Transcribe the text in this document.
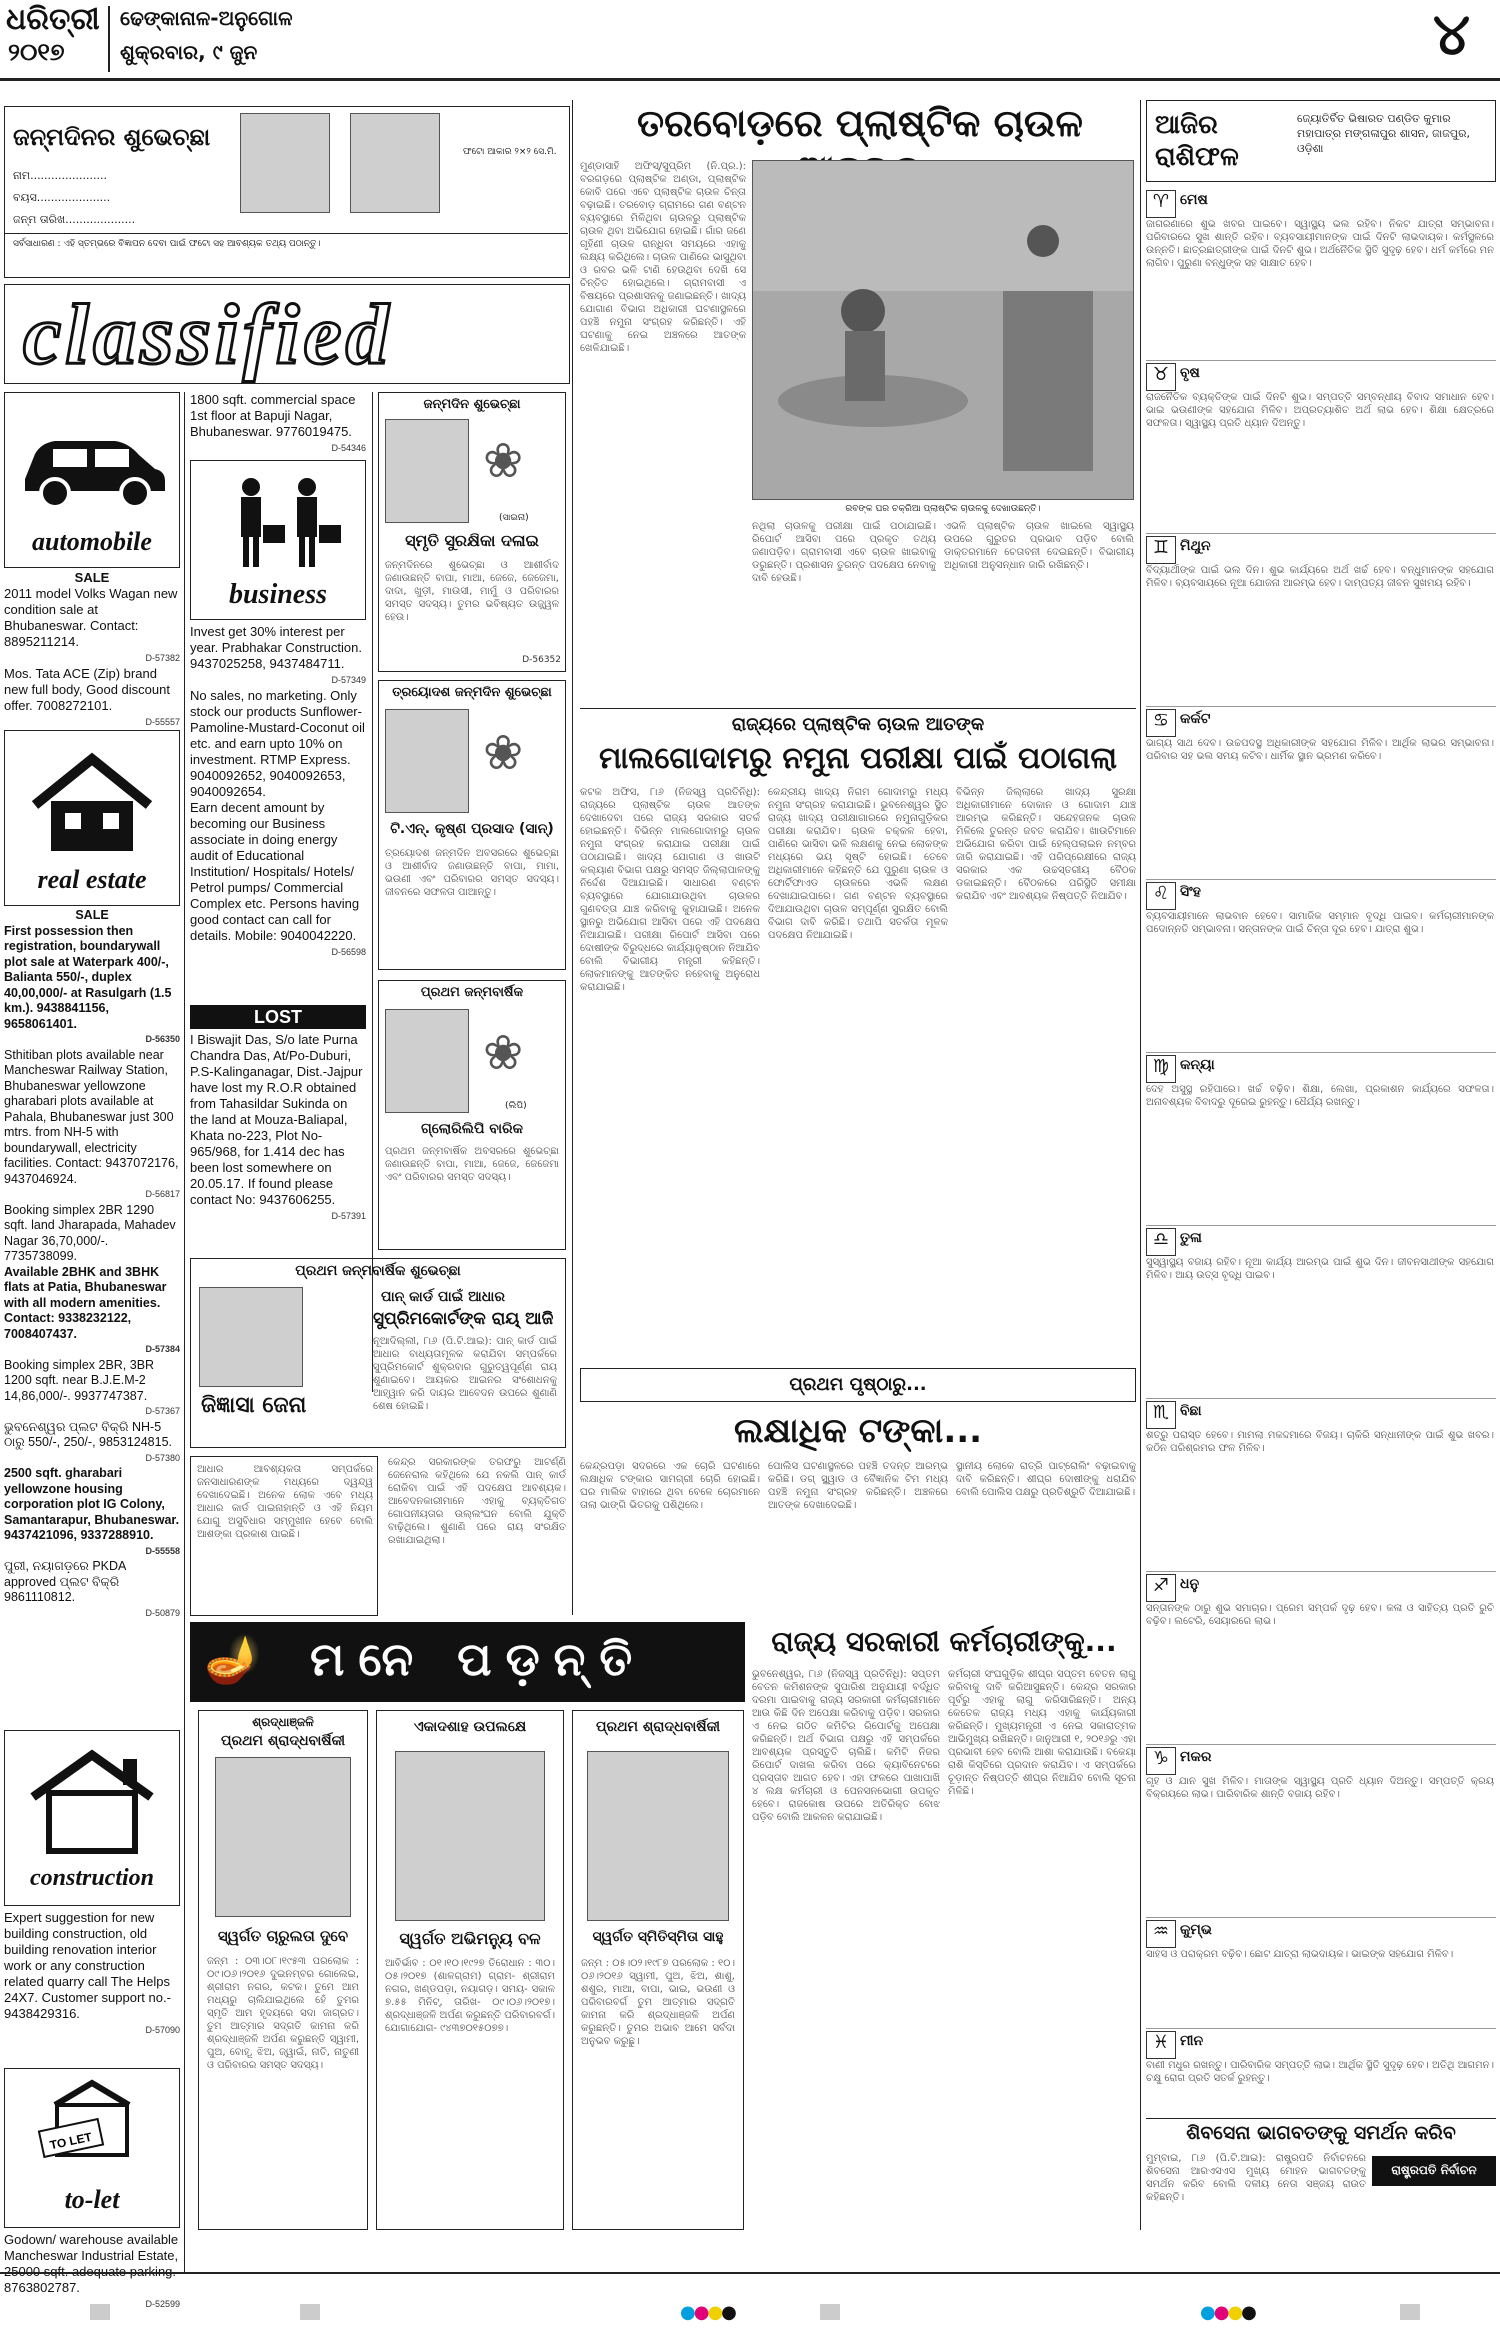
ଧରିତ୍ରୀ
୨୦୧୭
ଢେଙ୍କାନାଳ-ଅନୁଗୋଳ
ଶୁକ୍ରବାର, ୯ ଜୁନ	୪
ଜନ୍ମଦିନର ଶୁଭେଚ୍ଛା
ନାମ......................
ବୟସ.....................
ଜନ୍ମ ତାରିଖ....................
ଫଟୋ ଆକାର ୨×୨ ସେ.ମି.
ସର୍ବସାଧାରଣ : ଏହି ସ୍ତମ୍ଭରେ ବିଜ୍ଞାପନ ଦେବା ପାଇଁ ଫଟୋ ସହ ଆବଶ୍ୟକ ତଥ୍ୟ ପଠାନ୍ତୁ।
classified
automobile
SALE
2011 model Volks Wagan new condition sale at Bhubaneswar. Contact: 8895211214.
D-57382
Mos. Tata ACE (Zip) brand new full body, Good discount offer. 7008272101.
D-55557
real estate
SALE
First possession then registration, boundarywall plot sale at Waterpark 400/-, Balianta 550/-, duplex 40,00,000/- at Rasulgarh (1.5 km.). 9438841156, 9658061401.
D-56350
Sthitiban plots available near Mancheswar Railway Station, Bhubaneswar yellowzone gharabari plots available at Pahala, Bhubaneswar just 300 mtrs. from NH-5 with boundarywall, electricity facilities. Contact: 9437072176, 9437046924.
D-56817
Booking simplex 2BR 1290 sqft. land Jharapada, Mahadev Nagar 36,70,000/-. 7735738099.
Available 2BHK and 3BHK flats at Patia, Bhubaneswar with all modern amenities. Contact: 9338232122, 7008407437.
D-57384
Booking simplex 2BR, 3BR 1200 sqft. near B.J.E.M-2 14,86,000/-. 9937747387.
D-57367
ଭୁବନେଶ୍ୱର ପ୍ଲଟ ବିକ୍ରି NH-5 ଠାରୁ 550/-, 250/-, 9853124815.
D-57380
2500 sqft. gharabari yellowzone housing corporation plot IG Colony, Samantarapur, Bhubaneswar. 9437421096, 9337288910.
D-55558
ପୁରୀ, ନୟାଗଡ଼ରେ PKDA approved ପ୍ଲଟ ବିକ୍ରି 9861110812.
D-50879
construction
Expert suggestion for new building construction, old building renovation interior work or any construction related quarry call The Helps 24X7. Customer support no.- 9438429316.
D-57090
TO LET
to-let
Godown/ warehouse available Mancheswar Industrial Estate, 8763802787.
D-52599
1800 sqft. commercial space 1st floor at Bapuji Nagar, Bhubaneswar. 9776019475.
D-54346
business
Invest get 30% interest per year. Prabhakar Construction. 9437025258, 9437484711.
D-57349
No sales, no marketing. Only stock our products Sunflower-Pamoline-Mustard-Coconut oil etc. and earn upto 10% on investment. RTMP Express. 9040092652, 9040092653, 9040092654.
Earn decent amount by becoming our Business associate in doing energy audit of Educational Institution/ Hospitals/ Hotels/ Petrol pumps/ Commercial Complex etc. Persons having good contact can call for details. Mobile: 9040042220.
D-56598
LOST
I Biswajit Das, S/o late Purna Chandra Das, At/Po-Duburi, P.S-Kalinganagar, Dist.-Jajpur have lost my R.O.R obtained from Tahasildar Sukinda on the land at Mouza-Baliapal, Khata no-223, Plot No-965/968, for 1.414 dec has been lost somewhere on 20.05.17. If found please contact No: 9437606255.
D-57391
ଜନ୍ମଦିନ ଶୁଭେଚ୍ଛା
❀
(ସାଇନା)
ସ୍ମୃତି ସୁରକ୍ଷିକା ଦଳାଇ
ଜନ୍ମଦିନରେ ଶୁଭେଚ୍ଛା ଓ ଆଶୀର୍ବାଦ ଜଣାଉଛନ୍ତି ବାପା, ମାଆ, ଜେଜେ, ଜେଜେମା, ଦାଦା, ଖୁଡ଼ୀ, ମାଉସୀ, ମାମୁଁ ଓ ପରିବାରର ସମସ୍ତ ସଦସ୍ୟ। ତୁମର ଭବିଷ୍ୟତ ଉଜ୍ଜ୍ୱଳ ହେଉ।
D-56352
ତ୍ରୟୋଦଶ ଜନ୍ମଦିନ ଶୁଭେଚ୍ଛା
❀
ଟି.ଏନ୍. କୃଷ୍ଣ ପ୍ରସାଦ (ସାନ୍)
ତ୍ରୟୋଦଶ ଜନ୍ମଦିନ ଅବସରରେ ଶୁଭେଚ୍ଛା ଓ ଆଶୀର୍ବାଦ ଜଣାଉଛନ୍ତି ବାପା, ମାମା, ଭଉଣୀ ଏବଂ ପରିବାରର ସମସ୍ତ ସଦସ୍ୟ। ଜୀବନରେ ସଫଳତା ପାଆନ୍ତୁ।
ପ୍ରଥମ ଜନ୍ମବାର୍ଷିକ
❀
(ଲିପି)
ଗ୍ଲୋରିଲିପି ବାରିକ
ପ୍ରଥମ ଜନ୍ମବାର୍ଷିକ ଅବସରରେ ଶୁଭେଚ୍ଛା ଜଣାଉଛନ୍ତି ବାପା, ମାଆ, ଜେଜେ, ଜେଜେମା ଏବଂ ପରିବାରର ସମସ୍ତ ସଦସ୍ୟ।
ପ୍ରଥମ ଜନ୍ମବାର୍ଷିକ ଶୁଭେଚ୍ଛା
ଜିଜ୍ଞାସା ଜେନା
ପାନ୍ କାର୍ଡ ପାଇଁ ଆଧାର
ସୁପ୍ରିମକୋର୍ଟଙ୍କ ରାୟ୍ ଆଜି
ନୂଆଦିଲ୍ଲୀ, ୮ା୬ (ପି.ଟି.ଆଇ): ପାନ୍ କାର୍ଡ ପାଇଁ ଆଧାର ବାଧ୍ୟତାମୂଳକ କରାଯିବା ସମ୍ପର୍କରେ ସୁପ୍ରିମକୋର୍ଟ ଶୁକ୍ରବାର ଗୁରୁତ୍ୱପୂର୍ଣ୍ଣ ରାୟ ଶୁଣାଇବେ। ଆୟକର ଆଇନର ସଂଶୋଧନକୁ ଆହ୍ୱାନ କରି ଦାୟର ଆବେଦନ ଉପରେ ଶୁଣାଣି ଶେଷ ହୋଇଛି।
ଆଧାର ଆବଶ୍ୟକତା ସମ୍ପର୍କରେ ଜନସାଧାରଣଙ୍କ ମଧ୍ୟରେ ଦ୍ୱନ୍ଦ୍ୱ ଦେଖାଦେଇଛି। ଅନେକ ଲୋକ ଏବେ ମଧ୍ୟ ଆଧାର କାର୍ଡ ପାଇନାହାନ୍ତି ଓ ଏହି ନିୟମ ଯୋଗୁ ଅସୁବିଧାର ସମ୍ମୁଖୀନ ହେବେ ବୋଲି ଆଶଙ୍କା ପ୍ରକାଶ ପାଇଛି।
କେନ୍ଦ୍ର ସରକାରଙ୍କ ତରଫରୁ ଆଟର୍ଣ୍ଣି ଜେନେରାଲ କହିଥିଲେ ଯେ ନକଲି ପାନ୍ କାର୍ଡ ରୋକିବା ପାଇଁ ଏହି ପଦକ୍ଷେପ ଆବଶ୍ୟକ। ଆବେଦନକାରୀମାନେ ଏହାକୁ ବ୍ୟକ୍ତିଗତ ଗୋପନୀୟତାର ଉଲ୍ଲଂଘନ ବୋଲି ଯୁକ୍ତି ବାଢ଼ିଥିଲେ। ଶୁଣାଣି ପରେ ରାୟ ସଂରକ୍ଷିତ ରଖାଯାଇଥିଲା।
🪔 ମନେ ପଡ଼ନ୍ତି
ଶ୍ରଦ୍ଧାଞ୍ଜଳି
ପ୍ରଥମ ଶ୍ରାଦ୍ଧବାର୍ଷିକୀ
ସ୍ୱର୍ଗତ ଚାରୁଲତା ଦୁବେ
ଜନ୍ମ : ୦୩।୦୮।୧୯୫୩ ପରଲୋକ : ୦୯।୦୬।୨୦୧୬ ଦୁଇନମ୍ବର ଗୋଲେଇ, ଶ୍ରୀରାମ ନଗର, କଟକ। ତୁମେ ଆମ ମଧ୍ୟରୁ ଚାଲିଯାଇଥିଲେ ହେଁ ତୁମର ସ୍ମୃତି ଆମ ହୃଦୟରେ ସଦା ଜାଗ୍ରତ। ତୁମ ଆତ୍ମାର ସଦ୍ଗତି କାମନା କରି ଶ୍ରଦ୍ଧାଞ୍ଜଳି ଅର୍ପଣ କରୁଛନ୍ତି ସ୍ୱାମୀ, ପୁଅ, ବୋହୂ, ଝିଅ, ଜ୍ୱାଇଁ, ନାତି, ନାତୁଣୀ ଓ ପରିବାରର ସମସ୍ତ ସଦସ୍ୟ।
ଏକାଦଶାହ ଉପଲକ୍ଷେ
ସ୍ୱର୍ଗତ ଅଭିମନ୍ୟୁ ବଳ
ଆବିର୍ଭାବ : ୦୧।୧୦।୧୯୨୭ ତିରୋଧାନ : ୩୦।୦୫।୨୦୧୭ (ଶାଳଗ୍ରାମ) ଗ୍ରାମ- ଶ୍ରୀରାମ ନଗର, ଖଣ୍ଡପଡ଼ା, ନୟାଗଡ଼। ସମୟ- ସକାଳ ୭.୫୫ ମିନିଟ୍, ତାରିଖ- ୦୯।୦୬।୨୦୧୭। ଶ୍ରଦ୍ଧାଞ୍ଜଳି ଅର୍ପଣ କରୁଛନ୍ତି ପରିବାରବର୍ଗ। ଯୋଗାଯୋଗ- ୯୪୩୭୦୧୫୦୭୭।
ପ୍ରଥମ ଶ୍ରାଦ୍ଧବାର୍ଷିକୀ
ସ୍ୱର୍ଗତ ସ୍ମିତିସ୍ମିତା ସାହୁ
ଜନ୍ମ : ୦୫।୦୨।୧୯୮୭ ପରଲୋକ : ୧୦।୦୬।୨୦୧୬ ସ୍ୱାମୀ, ପୁଅ, ଝିଅ, ଶାଶୁ, ଶଶୁର, ମାଆ, ବାପା, ଭାଇ, ଭଉଣୀ ଓ ପରିବାରବର୍ଗ ତୁମ ଆତ୍ମାର ସଦ୍ଗତି କାମନା କରି ଶ୍ରଦ୍ଧାଞ୍ଜଳି ଅର୍ପଣ କରୁଛନ୍ତି। ତୁମର ଅଭାବ ଆମେ ସର୍ବଦା ଅନୁଭବ କରୁଛୁ।
ତରବୋଡ଼ରେ ପ୍ଲାଷ୍ଟିକ ଚାଉଳ
ମୁଣ୍ଡାସାହି ଅଫିସ୍/ସୁପ୍ରିମ (ନି.ପ୍ର.): ବରଗଡ଼ରେ ପ୍ଲାଷ୍ଟିକ ଅଣ୍ଡା, ପ୍ଲାଷ୍ଟିକ କୋବି ପରେ ଏବେ ପ୍ଲାଷ୍ଟିକ ଚାଉଳ ଚିନ୍ତା ବଢ଼ାଇଛି। ତରବୋଡ଼ ଗ୍ରାମରେ ଗଣ ବଣ୍ଟନ ବ୍ୟବସ୍ଥାରେ ମିଳିଥିବା ଚାଉଳରୁ ପ୍ଲାଷ୍ଟିକ ଚାଉଳ ଥିବା ଅଭିଯୋଗ ହୋଇଛି। ଗାଁର ଜଣେ ଗୃହିଣୀ ଚାଉଳ ରାନ୍ଧିବା ସମୟରେ ଏହାକୁ ଲକ୍ଷ୍ୟ କରିଥିଲେ। ଚାଉଳ ପାଣିରେ ଭାସୁଥିବା ଓ ରବର ଭଳି ଟାଣି ହେଉଥିବା ଦେଖି ସେ ଚିନ୍ତିତ ହୋଇଥିଲେ। ଗ୍ରାମବାସୀ ଏ ବିଷୟରେ ପ୍ରଶାସନକୁ ଜଣାଇଛନ୍ତି। ଖାଦ୍ୟ ଯୋଗାଣ ବିଭାଗ ଅଧିକାରୀ ଘଟଣାସ୍ଥଳରେ ପହଞ୍ଚି ନମୁନା ସଂଗ୍ରହ କରିଛନ୍ତି। ଏହି ଘଟଣାକୁ ନେଇ ଅଞ୍ଚଳରେ ଆତଙ୍କ ଖେଳିଯାଇଛି।
ରବଙ୍କ ଘର ଚକ୍ରିଆ ପ୍ଲାଷ୍ଟିକ ଚାଉଳକୁ ଦେଖାଉଛନ୍ତି।
ନଥିଲା ଚାଉଳକୁ ପରୀକ୍ଷା ପାଇଁ ପଠାଯାଇଛି। ରିପୋର୍ଟ ଆସିବା ପରେ ପ୍ରକୃତ ତଥ୍ୟ ଜଣାପଡ଼ିବ। ଗ୍ରାମବାସୀ ଏବେ ଚାଉଳ ଖାଇବାକୁ ଡରୁଛନ୍ତି। ପ୍ରଶାସନ ତୁରନ୍ତ ପଦକ୍ଷେପ ନେବାକୁ ଦାବି ହେଉଛି।
ଏଭଳି ପ୍ଲାଷ୍ଟିକ ଚାଉଳ ଖାଇଲେ ସ୍ୱାସ୍ଥ୍ୟ ଉପରେ ଗୁରୁତର ପ୍ରଭାବ ପଡ଼ିବ ବୋଲି ଡାକ୍ତରମାନେ ଚେତାବନୀ ଦେଇଛନ୍ତି। ବିଭାଗୀୟ ଅଧିକାରୀ ଅନୁସନ୍ଧାନ ଜାରି ରଖିଛନ୍ତି।
ରାଜ୍ୟରେ ପ୍ଲାଷ୍ଟିକ ଚାଉଳ ଆତଙ୍କ
ମାଲଗୋଦାମରୁ ନମୁନା ପରୀକ୍ଷା ପାଇଁ ପଠାଗଲା
କଟକ ଅଫିସ, ୮ା୬ (ନିଜସ୍ୱ ପ୍ରତିନିଧି): ରାଜ୍ୟରେ ପ୍ଲାଷ୍ଟିକ ଚାଉଳ ଆତଙ୍କ ଦେଖାଦେବା ପରେ ରାଜ୍ୟ ସରକାର ସତର୍କ ହୋଇଛନ୍ତି। ବିଭିନ୍ନ ମାଲଗୋଦାମରୁ ଚାଉଳ ନମୁନା ସଂଗ୍ରହ କରାଯାଇ ପରୀକ୍ଷା ପାଇଁ ପଠାଯାଇଛି। ଖାଦ୍ୟ ଯୋଗାଣ ଓ ଖାଉଟି କଲ୍ୟାଣ ବିଭାଗ ପକ୍ଷରୁ ସମସ୍ତ ଜିଲ୍ଲାପାଳଙ୍କୁ ନିର୍ଦ୍ଦେଶ ଦିଆଯାଇଛି। ସାଧାରଣ ବଣ୍ଟନ ବ୍ୟବସ୍ଥାରେ ଯୋଗାଯାଉଥିବା ଚାଉଳର ଗୁଣବତ୍ତା ଯାଞ୍ଚ କରିବାକୁ କୁହାଯାଇଛି। ଅନେକ ସ୍ଥାନରୁ ଅଭିଯୋଗ ଆସିବା ପରେ ଏହି ପଦକ୍ଷେପ ନିଆଯାଇଛି। ପରୀକ୍ଷା ରିପୋର୍ଟ ଆସିବା ପରେ ଦୋଷୀଙ୍କ ବିରୁଦ୍ଧରେ କାର୍ଯ୍ୟାନୁଷ୍ଠାନ ନିଆଯିବ ବୋଲି ବିଭାଗୀୟ ମନ୍ତ୍ରୀ କହିଛନ୍ତି। ଲୋକମାନଙ୍କୁ ଆତଙ୍କିତ ନହେବାକୁ ଅନୁରୋଧ କରାଯାଇଛି।
କେନ୍ଦ୍ରୀୟ ଖାଦ୍ୟ ନିଗମ ଗୋଦାମରୁ ମଧ୍ୟ ନମୁନା ସଂଗ୍ରହ କରାଯାଇଛି। ଭୁବନେଶ୍ୱର ସ୍ଥିତ ରାଜ୍ୟ ଖାଦ୍ୟ ପରୀକ୍ଷାଗାରରେ ନମୁନାଗୁଡ଼ିକର ପରୀକ୍ଷା କରାଯିବ। ଚାଉଳ ଚକ୍କଳ ହେବା, ପାଣିରେ ଭାସିବା ଭଳି ଲକ୍ଷଣକୁ ନେଇ ଲୋକଙ୍କ ମଧ୍ୟରେ ଭୟ ସୃଷ୍ଟି ହୋଇଛି। ତେବେ ଅଧିକାରୀମାନେ କହିଛନ୍ତି ଯେ ପୁରୁଣା ଚାଉଳ ଓ ଫୋର୍ଟିଫାଏଡ ଚାଉଳରେ ଏଭଳି ଲକ୍ଷଣ ଦେଖାଯାଇପାରେ। ଗଣ ବଣ୍ଟନ ବ୍ୟବସ୍ଥାରେ ଦିଆଯାଉଥିବା ଚାଉଳ ସମ୍ପୂର୍ଣ୍ଣ ସୁରକ୍ଷିତ ବୋଲି ବିଭାଗ ଦାବି କରିଛି। ତଥାପି ସତର୍କତା ମୂଳକ ପଦକ୍ଷେପ ନିଆଯାଇଛି।
ବିଭିନ୍ନ ଜିଲ୍ଲାରେ ଖାଦ୍ୟ ସୁରକ୍ଷା ଅଧିକାରୀମାନେ ଦୋକାନ ଓ ଗୋଦାମ ଯାଞ୍ଚ ଆରମ୍ଭ କରିଛନ୍ତି। ସନ୍ଦେହଜନକ ଚାଉଳ ମିଳିଲେ ତୁରନ୍ତ ଜବତ କରାଯିବ। ଖାଉଟିମାନେ ଅଭିଯୋଗ କରିବା ପାଇଁ ହେଲ୍ପଲାଇନ ନମ୍ବର ଜାରି କରାଯାଇଛି। ଏହି ପରିପ୍ରେକ୍ଷୀରେ ରାଜ୍ୟ ସରକାର ଏକ ଉଚ୍ଚସ୍ତରୀୟ ବୈଠକ ଡକାଇଛନ୍ତି। ବୈଠକରେ ପରିସ୍ଥିତି ସମୀକ୍ଷା କରାଯିବ ଏବଂ ଆବଶ୍ୟକ ନିଷ୍ପତ୍ତି ନିଆଯିବ।
ପ୍ରଥମ ପୃଷ୍ଠାରୁ...
ଲକ୍ଷାଧିକ ଟଙ୍କା...
କେନ୍ଦ୍ରପଡ଼ା ସଦରରେ ଏକ ଚୋରି ଘଟଣାରେ ଲକ୍ଷାଧିକ ଟଙ୍କାର ସାମଗ୍ରୀ ଚୋରି ହୋଇଛି। ଘର ମାଲିକ ବାହାରେ ଥିବା ବେଳେ ଚୋରମାନେ ତାଲା ଭାଙ୍ଗି ଭିତରକୁ ପଶିଥିଲେ।
ପୋଲିସ ଘଟଣାସ୍ଥଳରେ ପହଞ୍ଚି ତଦନ୍ତ ଆରମ୍ଭ କରିଛି। ଡଗ୍ ସ୍କ୍ୱାଡ ଓ ବୈଜ୍ଞାନିକ ଟିମ ମଧ୍ୟ ପହଞ୍ଚି ନମୁନା ସଂଗ୍ରହ କରିଛନ୍ତି। ଅଞ୍ଚଳରେ ଆତଙ୍କ ଦେଖାଦେଇଛି।
ସ୍ଥାନୀୟ ଲୋକେ ରାତ୍ରି ପାଟ୍ରୋଲିଂ ବଢ଼ାଇବାକୁ ଦାବି କରିଛନ୍ତି। ଶୀଘ୍ର ଦୋଷୀଙ୍କୁ ଧରାଯିବ ବୋଲି ପୋଲିସ ପକ୍ଷରୁ ପ୍ରତିଶ୍ରୁତି ଦିଆଯାଇଛି।
ରାଜ୍ୟ ସରକାରୀ କର୍ମଚାରୀଙ୍କୁ...
ଭୁବନେଶ୍ୱର, ୮ା୬ (ନିଜସ୍ୱ ପ୍ରତିନିଧି): ସପ୍ତମ ବେତନ କମିଶନଙ୍କ ସୁପାରିଶ ଅନୁଯାୟୀ ବର୍ଦ୍ଧିତ ଦରମା ପାଇବାକୁ ରାଜ୍ୟ ସରକାରୀ କର୍ମଚାରୀମାନେ ଆଉ କିଛି ଦିନ ଅପେକ୍ଷା କରିବାକୁ ପଡ଼ିବ। ସରକାର ଏ ନେଇ ଗଠିତ କମିଟିର ରିପୋର୍ଟକୁ ଅପେକ୍ଷା କରିଛନ୍ତି। ଅର୍ଥ ବିଭାଗ ପକ୍ଷରୁ ଏହି ସମ୍ପର୍କରେ ଆବଶ୍ୟକ ପ୍ରସ୍ତୁତି ଚାଲିଛି। କମିଟି ନିଜର ରିପୋର୍ଟ ଦାଖଲ କରିବା ପରେ କ୍ୟାବିନେଟରେ ପ୍ରସ୍ତାବ ଆଗତ ହେବ। ଏହା ଫଳରେ ପାଖାପାଖି ୪ ଲକ୍ଷ କର୍ମଚାରୀ ଓ ପେନସନଭୋଗୀ ଉପକୃତ ହେବେ। ରାଜକୋଷ ଉପରେ ଅତିରିକ୍ତ ବୋଝ ପଡ଼ିବ ବୋଲି ଆକଳନ କରାଯାଇଛି।
କର୍ମଚାରୀ ସଂଘଗୁଡ଼ିକ ଶୀଘ୍ର ସପ୍ତମ ବେତନ ଲାଗୁ କରିବାକୁ ଦାବି କରିଆସୁଛନ୍ତି। କେନ୍ଦ୍ର ସରକାର ପୂର୍ବରୁ ଏହାକୁ ଲାଗୁ କରିସାରିଛନ୍ତି। ଅନ୍ୟ କେତେକ ରାଜ୍ୟ ମଧ୍ୟ ଏହାକୁ କାର୍ଯ୍ୟକାରୀ କରିଛନ୍ତି। ମୁଖ୍ୟମନ୍ତ୍ରୀ ଏ ନେଇ ସକାରାତ୍ମକ ଆଭିମୁଖ୍ୟ ରଖିଛନ୍ତି। ଜାନୁଆରୀ ୧, ୨୦୧୬ରୁ ଏହା ପ୍ରଭାବୀ ହେବ ବୋଲି ଆଶା କରାଯାଉଛି। ବକେୟା ରାଶି କିସ୍ତିରେ ପ୍ରଦାନ କରାଯିବ। ଏ ସମ୍ପର୍କରେ ଚୂଡ଼ାନ୍ତ ନିଷ୍ପତ୍ତି ଶୀଘ୍ର ନିଆଯିବ ବୋଲି ସୂଚନା ମିଳିଛି।
ଆଜିର ରାଶିଫଳ
ଜ୍ୟୋତିର୍ବିତ ଭିଷାରତ ପଣ୍ଡିତ କୁମାର ମହାପାତ୍ର ମଙ୍ଗଳାପୁର ଶାସନ, ଜାଜପୁର, ଓଡ଼ିଶା
♈ ମେଷ
ଜାଗରଣାରେ ଶୁଭ ଖବର ପାଇବେ। ସ୍ୱାସ୍ଥ୍ୟ ଭଲ ରହିବ। ନିକଟ ଯାତ୍ରା ସମ୍ଭାବନା। ପରିବାରରେ ସୁଖ ଶାନ୍ତି ରହିବ। ବ୍ୟବସାୟୀମାନଙ୍କ ପାଇଁ ଦିନଟି ଲାଭଦାୟକ। କର୍ମସ୍ଥଳରେ ଉନ୍ନତି। ଛାତ୍ରଛାତ୍ରୀଙ୍କ ପାଇଁ ଦିନଟି ଶୁଭ। ଅର୍ଥନୈତିକ ସ୍ଥିତି ସୁଦୃଢ଼ ହେବ। ଧର୍ମ କର୍ମରେ ମନ ଲାଗିବ। ପୁରୁଣା ବନ୍ଧୁଙ୍କ ସହ ସାକ୍ଷାତ ହେବ।
♉ ବୃଷ
ରାଜନୈତିକ ବ୍ୟକ୍ତିଙ୍କ ପାଇଁ ଦିନଟି ଶୁଭ। ସମ୍ପତ୍ତି ସମ୍ବନ୍ଧୀୟ ବିବାଦ ସମାଧାନ ହେବ। ଭାଇ ଭଉଣୀଙ୍କ ସହଯୋଗ ମିଳିବ। ଅପ୍ରତ୍ୟାଶିତ ଅର୍ଥ ଲାଭ ହେବ। ଶିକ୍ଷା କ୍ଷେତ୍ରରେ ସଫଳତା। ସ୍ୱାସ୍ଥ୍ୟ ପ୍ରତି ଧ୍ୟାନ ଦିଅନ୍ତୁ।
♊ ମିଥୁନ
ବିଦ୍ୟାର୍ଥୀଙ୍କ ପାଇଁ ଭଲ ଦିନ। ଶୁଭ କାର୍ଯ୍ୟରେ ଅର୍ଥ ଖର୍ଚ୍ଚ ହେବ। ବନ୍ଧୁମାନଙ୍କ ସହଯୋଗ ମିଳିବ। ବ୍ୟବସାୟରେ ନୂଆ ଯୋଜନା ଆରମ୍ଭ ହେବ। ଦାମ୍ପତ୍ୟ ଜୀବନ ସୁଖମୟ ରହିବ।
♋ କର୍କଟ
ଭାଗ୍ୟ ସାଥ ଦେବ। ଉଚ୍ଚପଦସ୍ଥ ଅଧିକାରୀଙ୍କ ସହଯୋଗ ମିଳିବ। ଆର୍ଥିକ ଲାଭର ସମ୍ଭାବନା। ପରିବାର ସହ ଭଲ ସମୟ କଟିବ। ଧାର୍ମିକ ସ୍ଥାନ ଭ୍ରମଣ କରିବେ।
♌ ସିଂହ
ବ୍ୟବସାୟୀମାନେ ଲାଭବାନ ହେବେ। ସାମାଜିକ ସମ୍ମାନ ବୃଦ୍ଧି ପାଇବ। କର୍ମଚାରୀମାନଙ୍କ ପଦୋନ୍ନତି ସମ୍ଭାବନା। ସନ୍ତାନଙ୍କ ପାଇଁ ଚିନ୍ତା ଦୂର ହେବ। ଯାତ୍ରା ଶୁଭ।
♍ କନ୍ୟା
ଦେହ ଅସୁସ୍ଥ ରହିପାରେ। ଖର୍ଚ୍ଚ ବଢ଼ିବ। ଶିକ୍ଷା, ଲେଖା, ପ୍ରକାଶନ କାର୍ଯ୍ୟରେ ସଫଳତା। ଅନାବଶ୍ୟକ ବିବାଦରୁ ଦୂରେଇ ରୁହନ୍ତୁ। ଧୈର୍ଯ୍ୟ ରଖନ୍ତୁ।
♎ ତୁଳା
ସୁସ୍ୱାସ୍ଥ୍ୟ ବଜାୟ ରହିବ। ନୂଆ କାର୍ଯ୍ୟ ଆରମ୍ଭ ପାଇଁ ଶୁଭ ଦିନ। ଜୀବନସାଥୀଙ୍କ ସହଯୋଗ ମିଳିବ। ଆୟ ଉତ୍ସ ବୃଦ୍ଧି ପାଇବ।
♏ ବିଛା
ଶତ୍ରୁ ପରାସ୍ତ ହେବେ। ମାମଲା ମକଦ୍ଦମାରେ ବିଜୟ। ଚାକିରି ସନ୍ଧାନୀଙ୍କ ପାଇଁ ଶୁଭ ଖବର। କଠିନ ପରିଶ୍ରମର ଫଳ ମିଳିବ।
♐ ଧନୁ
ସନ୍ତାନଙ୍କ ଠାରୁ ଶୁଭ ସମାଚାର। ପ୍ରେମ ସମ୍ପର୍କ ଦୃଢ଼ ହେବ। କଳା ଓ ସାହିତ୍ୟ ପ୍ରତି ରୁଚି ବଢ଼ିବ। ଲଟେରି, ସେୟାରରେ ଲାଭ।
♑ ମକର
ଗୃହ ଓ ଯାନ ସୁଖ ମିଳିବ। ମାତାଙ୍କ ସ୍ୱାସ୍ଥ୍ୟ ପ୍ରତି ଧ୍ୟାନ ଦିଅନ୍ତୁ। ସମ୍ପତ୍ତି କ୍ରୟ ବିକ୍ରୟରେ ଲାଭ। ପାରିବାରିକ ଶାନ୍ତି ବଜାୟ ରହିବ।
♒ କୁମ୍ଭ
ସାହସ ଓ ପରାକ୍ରମ ବଢ଼ିବ। ଛୋଟ ଯାତ୍ରା ଲାଭଦାୟକ। ଭାଇଙ୍କ ସହଯୋଗ ମିଳିବ।
♓ ମୀନ
ବାଣୀ ମଧୁର ରଖନ୍ତୁ। ପାରିବାରିକ ସମ୍ପତ୍ତି ଲାଭ। ଆର୍ଥିକ ସ୍ଥିତି ସୁଦୃଢ଼ ହେବ। ଅତିଥି ଆଗମନ। ଚକ୍ଷୁ ରୋଗ ପ୍ରତି ସତର୍କ ରୁହନ୍ତୁ।
ଶିବସେନା ଭାଗବତଙ୍କୁ ସମର୍ଥନ କରିବ
ମୁମ୍ବାଇ, ୮ା୬ (ପି.ଟି.ଆଇ): ରାଷ୍ଟ୍ରପତି ନିର୍ବାଚନରେ ଶିବସେନା ଆରଏସଏସ ମୁଖ୍ୟ ମୋହନ ଭାଗବତଙ୍କୁ ସମର୍ଥନ କରିବ ବୋଲି ଦଳୀୟ ନେତା ସଞ୍ଜୟ ରାଉତ କହିଛନ୍ତି।
ରାଷ୍ଟ୍ରପତି ନିର୍ବାଚନ
●●●●	●●●●
